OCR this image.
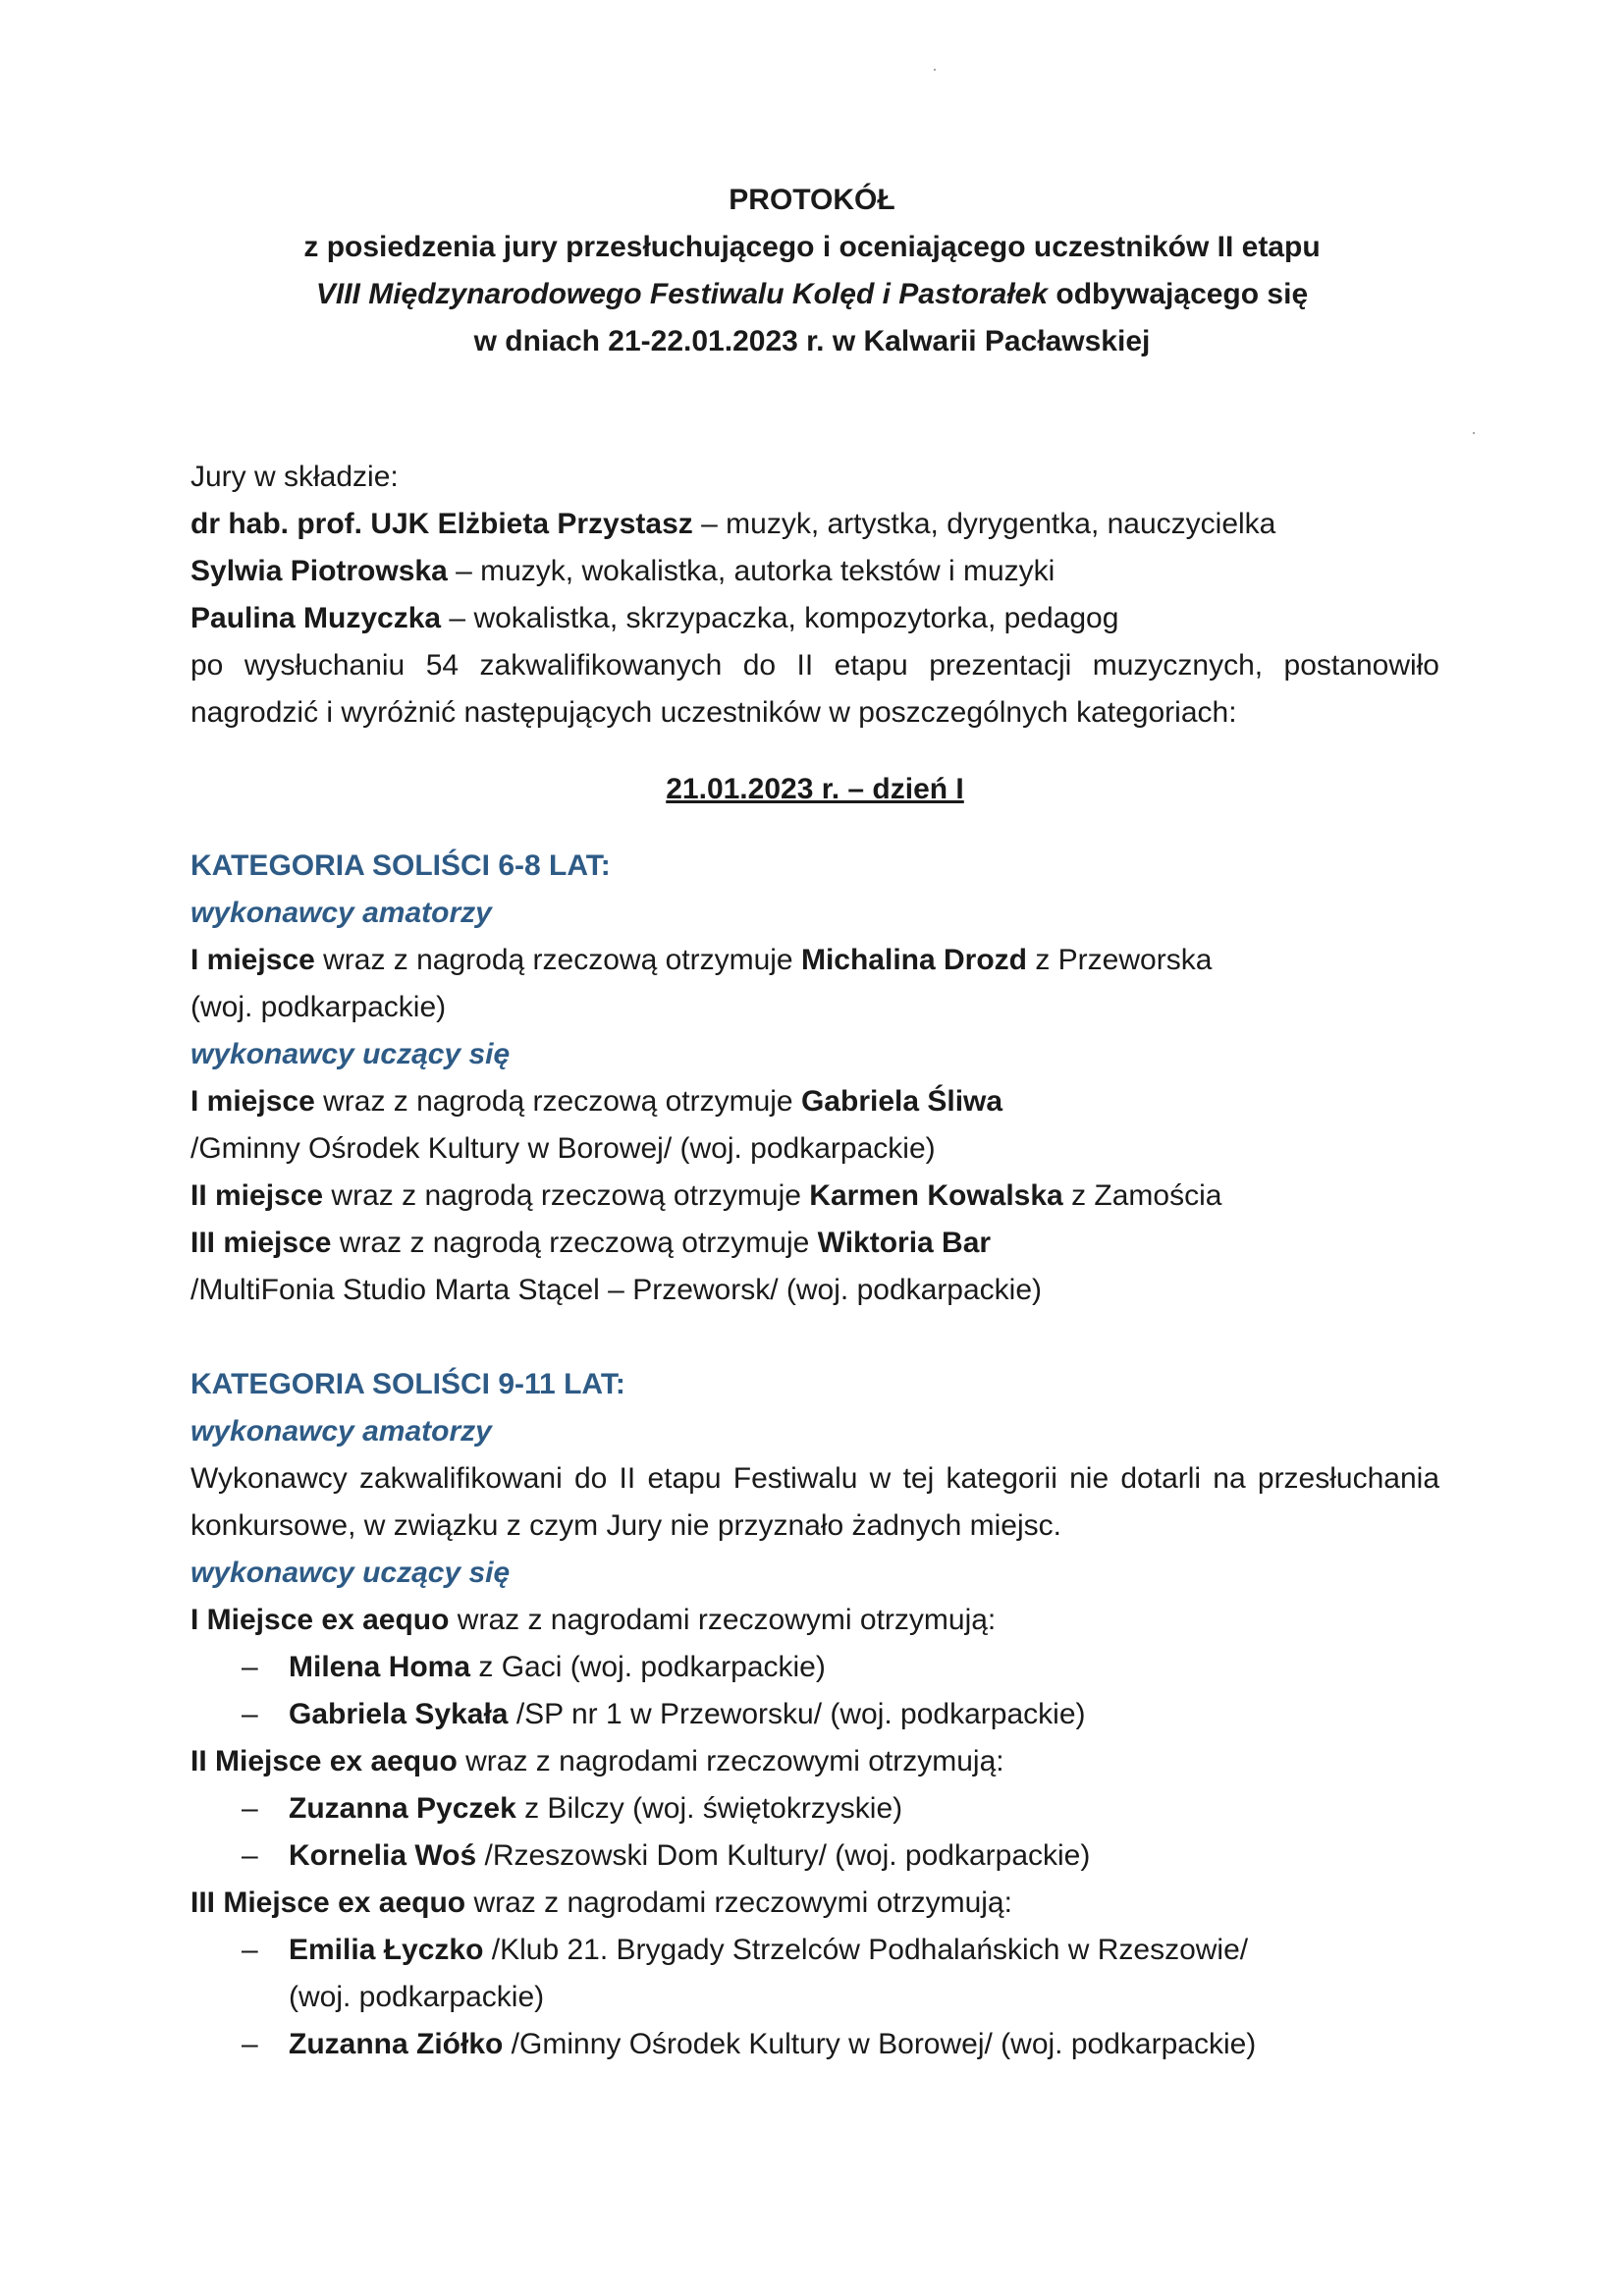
PROTOKÓŁ
z posiedzenia jury przesłuchującego i oceniającego uczestników II etapu
VIII Międzynarodowego Festiwalu Kolęd i Pastorałek odbywającego się
w dniach 21-22.01.2023 r. w Kalwarii Pacławskiej
Jury w składzie:
dr hab. prof. UJK Elżbieta Przystasz – muzyk, artystka, dyrygentka, nauczycielka
Sylwia Piotrowska – muzyk, wokalistka, autorka tekstów i muzyki
Paulina Muzyczka – wokalistka, skrzypaczka, kompozytorka, pedagog
po wysłuchaniu 54 zakwalifikowanych do II etapu prezentacji muzycznych, postanowiło
nagrodzić i wyróżnić następujących uczestników w poszczególnych kategoriach:
21.01.2023 r. – dzień I
KATEGORIA SOLIŚCI 6-8 LAT:
wykonawcy amatorzy
I miejsce wraz z nagrodą rzeczową otrzymuje Michalina Drozd z Przeworska
(woj. podkarpackie)
wykonawcy uczący się
I miejsce wraz z nagrodą rzeczową otrzymuje Gabriela Śliwa
/Gminny Ośrodek Kultury w Borowej/ (woj. podkarpackie)
II miejsce wraz z nagrodą rzeczową otrzymuje Karmen Kowalska z Zamościa
III miejsce wraz z nagrodą rzeczową otrzymuje Wiktoria Bar
/MultiFonia Studio Marta Stącel – Przeworsk/ (woj. podkarpackie)
KATEGORIA SOLIŚCI 9-11 LAT:
wykonawcy amatorzy
Wykonawcy zakwalifikowani do II etapu Festiwalu w tej kategorii nie dotarli na przesłuchania
konkursowe, w związku z czym Jury nie przyznało żadnych miejsc.
wykonawcy uczący się
I Miejsce ex aequo wraz z nagrodami rzeczowymi otrzymują:
– Milena Homa z Gaci (woj. podkarpackie)
– Gabriela Sykała /SP nr 1 w Przeworsku/ (woj. podkarpackie)
II Miejsce ex aequo wraz z nagrodami rzeczowymi otrzymują:
– Zuzanna Pyczek z Bilczy (woj. świętokrzyskie)
– Kornelia Woś /Rzeszowski Dom Kultury/ (woj. podkarpackie)
III Miejsce ex aequo wraz z nagrodami rzeczowymi otrzymują:
– Emilia Łyczko /Klub 21. Brygady Strzelców Podhalańskich w Rzeszowie/
(woj. podkarpackie)
– Zuzanna Ziółko /Gminny Ośrodek Kultury w Borowej/ (woj. podkarpackie)
